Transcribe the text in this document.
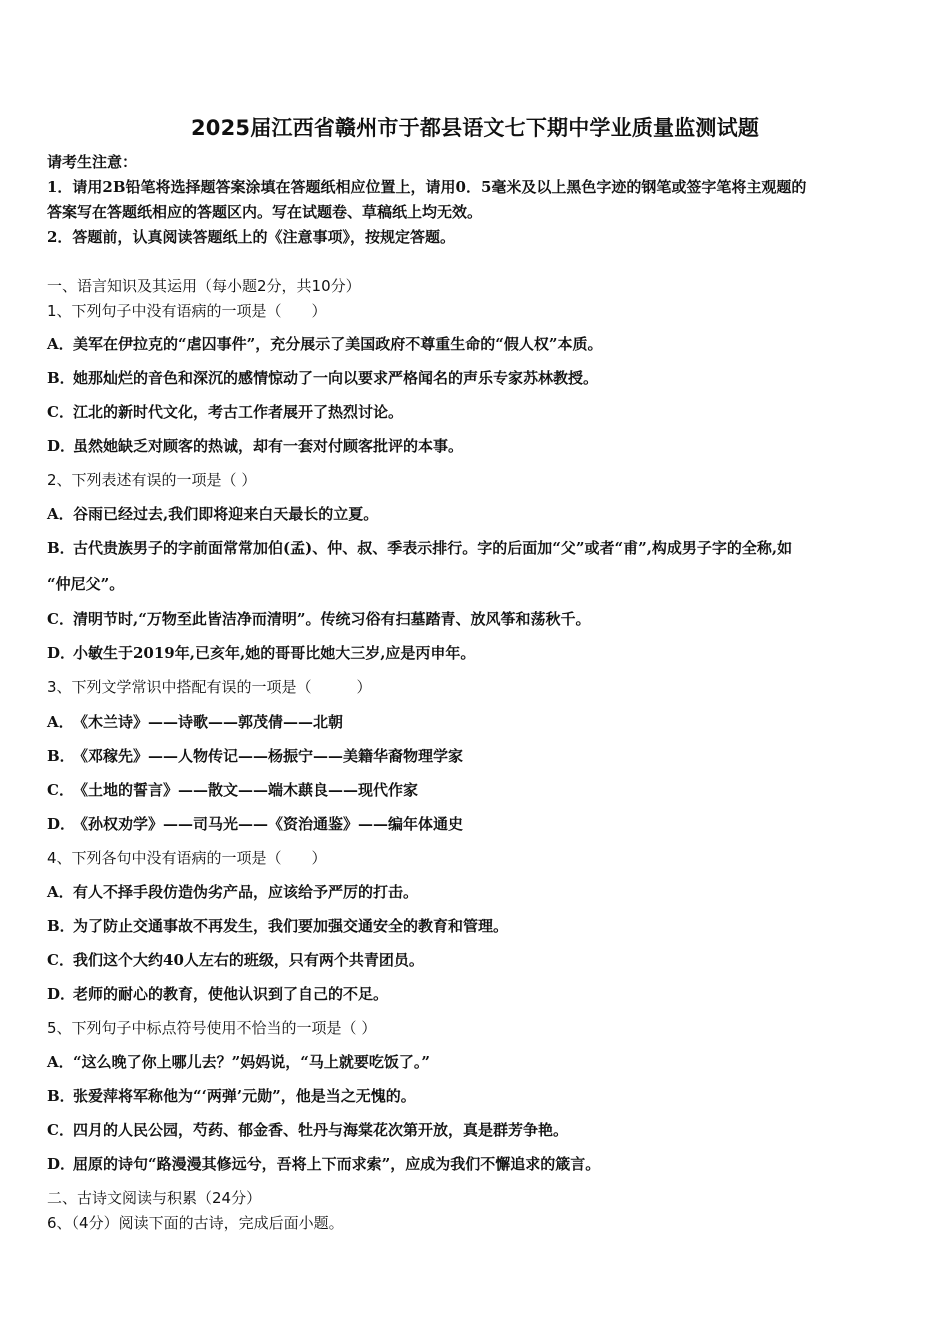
2025届江西省赣州市于都县语文七下期中学业质量监测试题
请考生注意：
1．请用2B铅笔将选择题答案涂填在答题纸相应位置上，请用0．5毫米及以上黑色字迹的钢笔或签字笔将主观题的
答案写在答题纸相应的答题区内。写在试题卷、草稿纸上均无效。
2．答题前，认真阅读答题纸上的《注意事项》，按规定答题。
一、语言知识及其运用（每小题2分，共10分）
1、下列句子中没有语病的一项是（　　）
A．美军在伊拉克的“虐囚事件”，充分展示了美国政府不尊重生命的“假人权”本质。
B．她那灿烂的音色和深沉的感情惊动了一向以要求严格闻名的声乐专家苏林教授。
C．江北的新时代文化，考古工作者展开了热烈讨论。
D．虽然她缺乏对顾客的热诚，却有一套对付顾客批评的本事。
2、下列表述有误的一项是（ ）
A．谷雨已经过去,我们即将迎来白天最长的立夏。
B．古代贵族男子的字前面常常加伯(孟)、仲、叔、季表示排行。字的后面加“父”或者“甫”,构成男子字的全称,如
“仲尼父”。
C．清明节时,“万物至此皆洁净而清明”。传统习俗有扫墓踏青、放风筝和荡秋千。
D．小敏生于2019年,已亥年,她的哥哥比她大三岁,应是丙申年。
3、下列文学常识中搭配有误的一项是（　　　）
A．《木兰诗》——诗歌——郭茂倩——北朝
B．《邓稼先》——人物传记——杨振宁——美籍华裔物理学家
C．《土地的誓言》——散文——端木蕻良——现代作家
D．《孙权劝学》——司马光——《资治通鉴》——编年体通史
4、下列各句中没有语病的一项是（　　）
A．有人不择手段仿造伪劣产品，应该给予严厉的打击。
B．为了防止交通事故不再发生，我们要加强交通安全的教育和管理。
C．我们这个大约40人左右的班级，只有两个共青团员。
D．老师的耐心的教育，使他认识到了自己的不足。
5、下列句子中标点符号使用不恰当的一项是（ ）
A．“这么晚了你上哪儿去？”妈妈说，“马上就要吃饭了。”
B．张爱萍将军称他为“‘两弹’元勋”，他是当之无愧的。
C．四月的人民公园，芍药、郁金香、牡丹与海棠花次第开放，真是群芳争艳。
D．屈原的诗句“路漫漫其修远兮，吾将上下而求索”，应成为我们不懈追求的箴言。
二、古诗文阅读与积累（24分）
6、（4分）阅读下面的古诗，完成后面小题。
